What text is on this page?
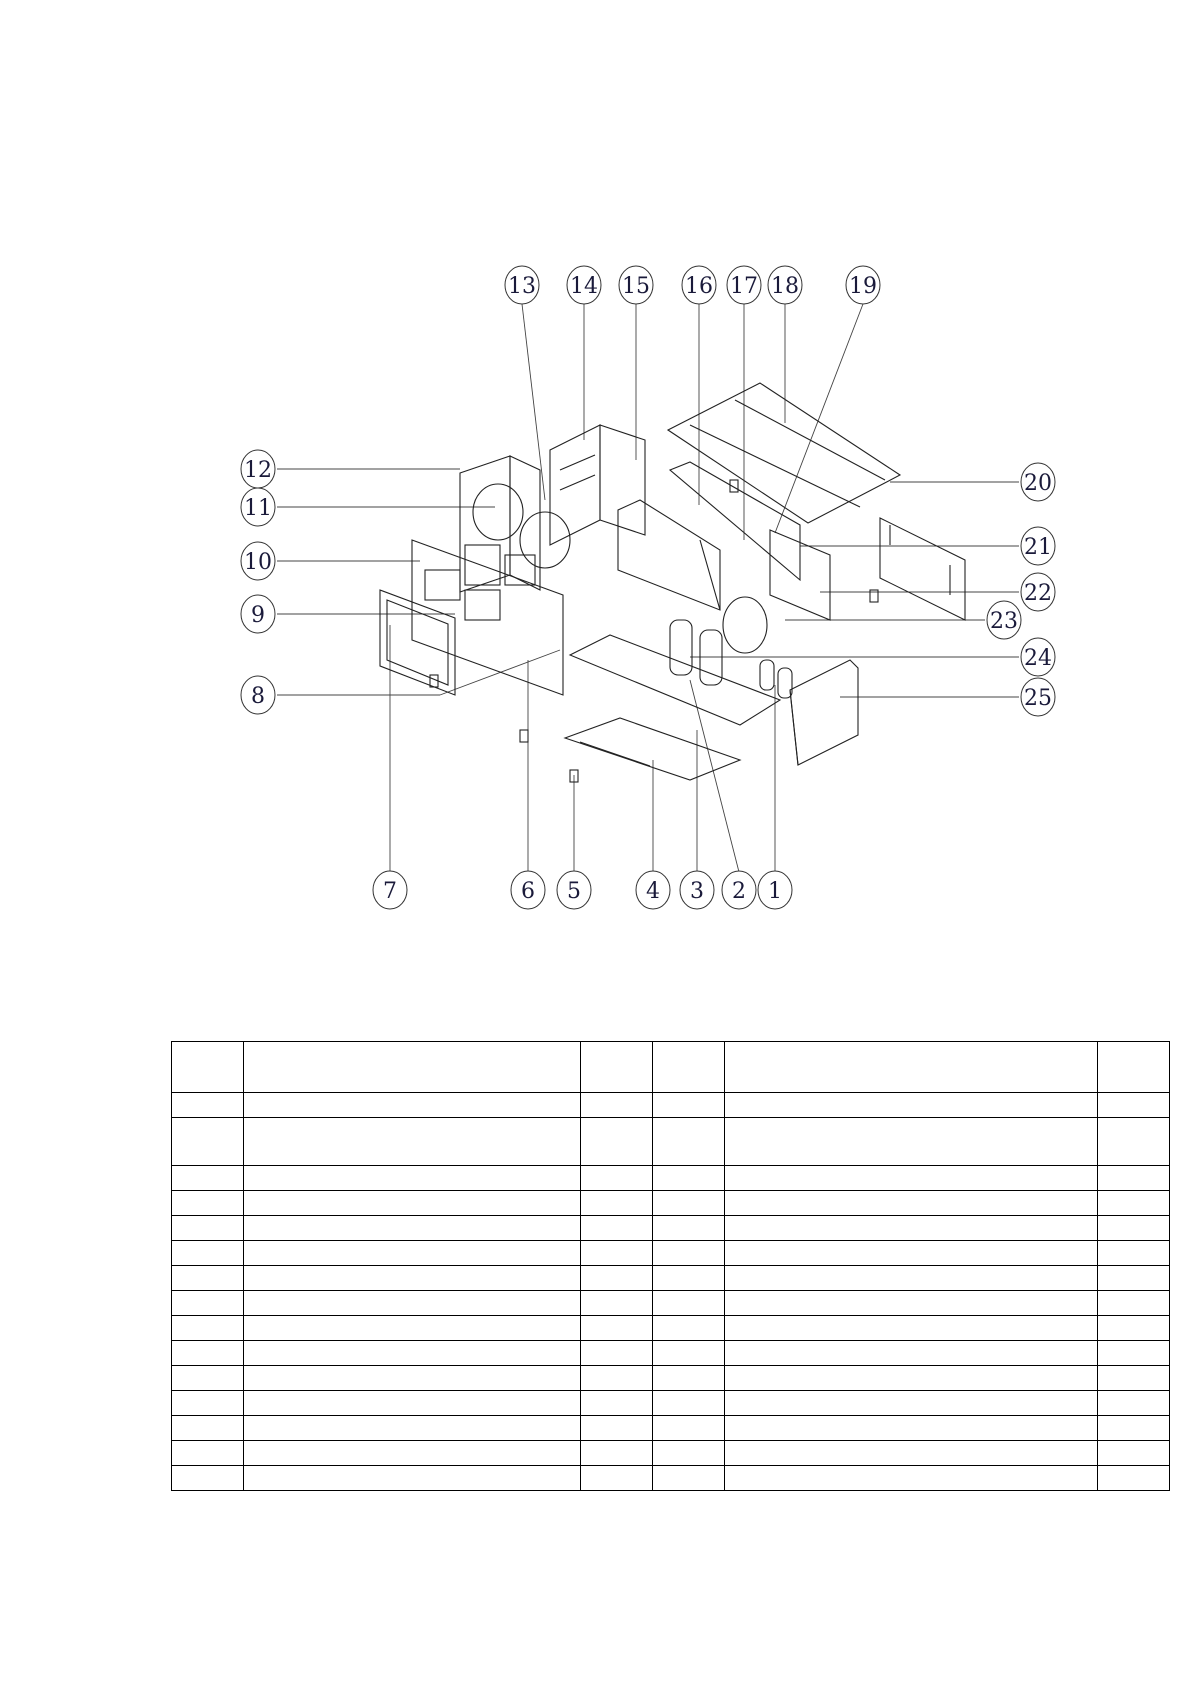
13 14 15 16 17 18 19
12
11
10
9
8
20
21
22
23
24
25
7	6 5	4 3 2 1
